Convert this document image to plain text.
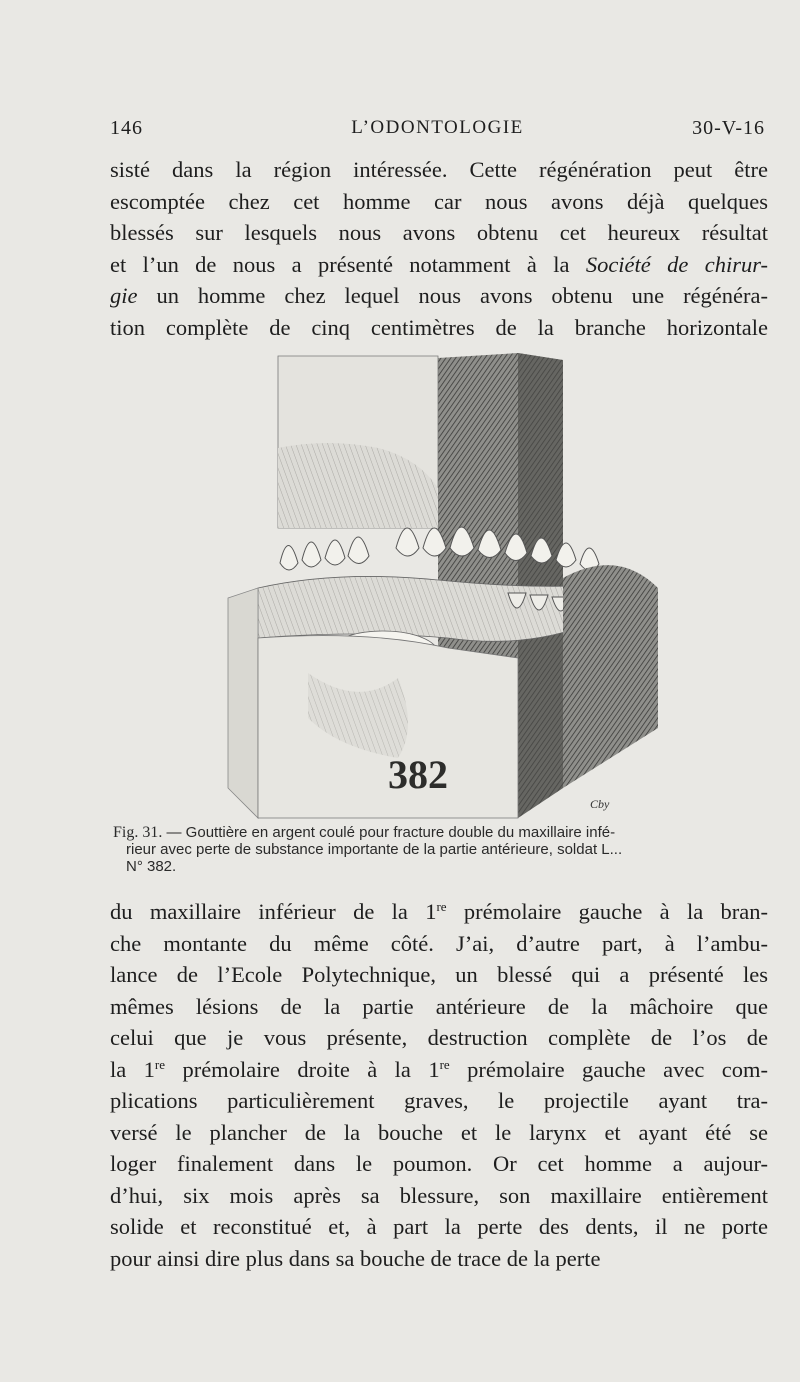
146	L’ODONTOLOGIE	30-V-16
sisté dans la région intéressée. Cette régénération peut être
escomptée chez cet homme car nous avons déjà quelques
blessés sur lesquels nous avons obtenu cet heureux résultat
et l’un de nous a présenté notamment à la Société de chirur-
gie un homme chez lequel nous avons obtenu une régénéra-
tion complète de cinq centimètres de la branche horizontale
382
Cby
Fig. 31. — Gouttière en argent coulé pour fracture double du maxillaire infé-
rieur avec perte de substance importante de la partie antérieure, soldat L...
N° 382.
du maxillaire inférieur de la 1re prémolaire gauche à la bran-
che montante du même côté. J’ai, d’autre part, à l’ambu-
lance de l’Ecole Polytechnique, un blessé qui a présenté les
mêmes lésions de la partie antérieure de la mâchoire que
celui que je vous présente, destruction complète de l’os de
la 1re prémolaire droite à la 1re prémolaire gauche avec com-
plications particulièrement graves, le projectile ayant tra-
versé le plancher de la bouche et le larynx et ayant été se
loger finalement dans le poumon. Or cet homme a aujour-
d’hui, six mois après sa blessure, son maxillaire entièrement
solide et reconstitué et, à part la perte des dents, il ne porte
pour ainsi dire plus dans sa bouche de trace de la perte
